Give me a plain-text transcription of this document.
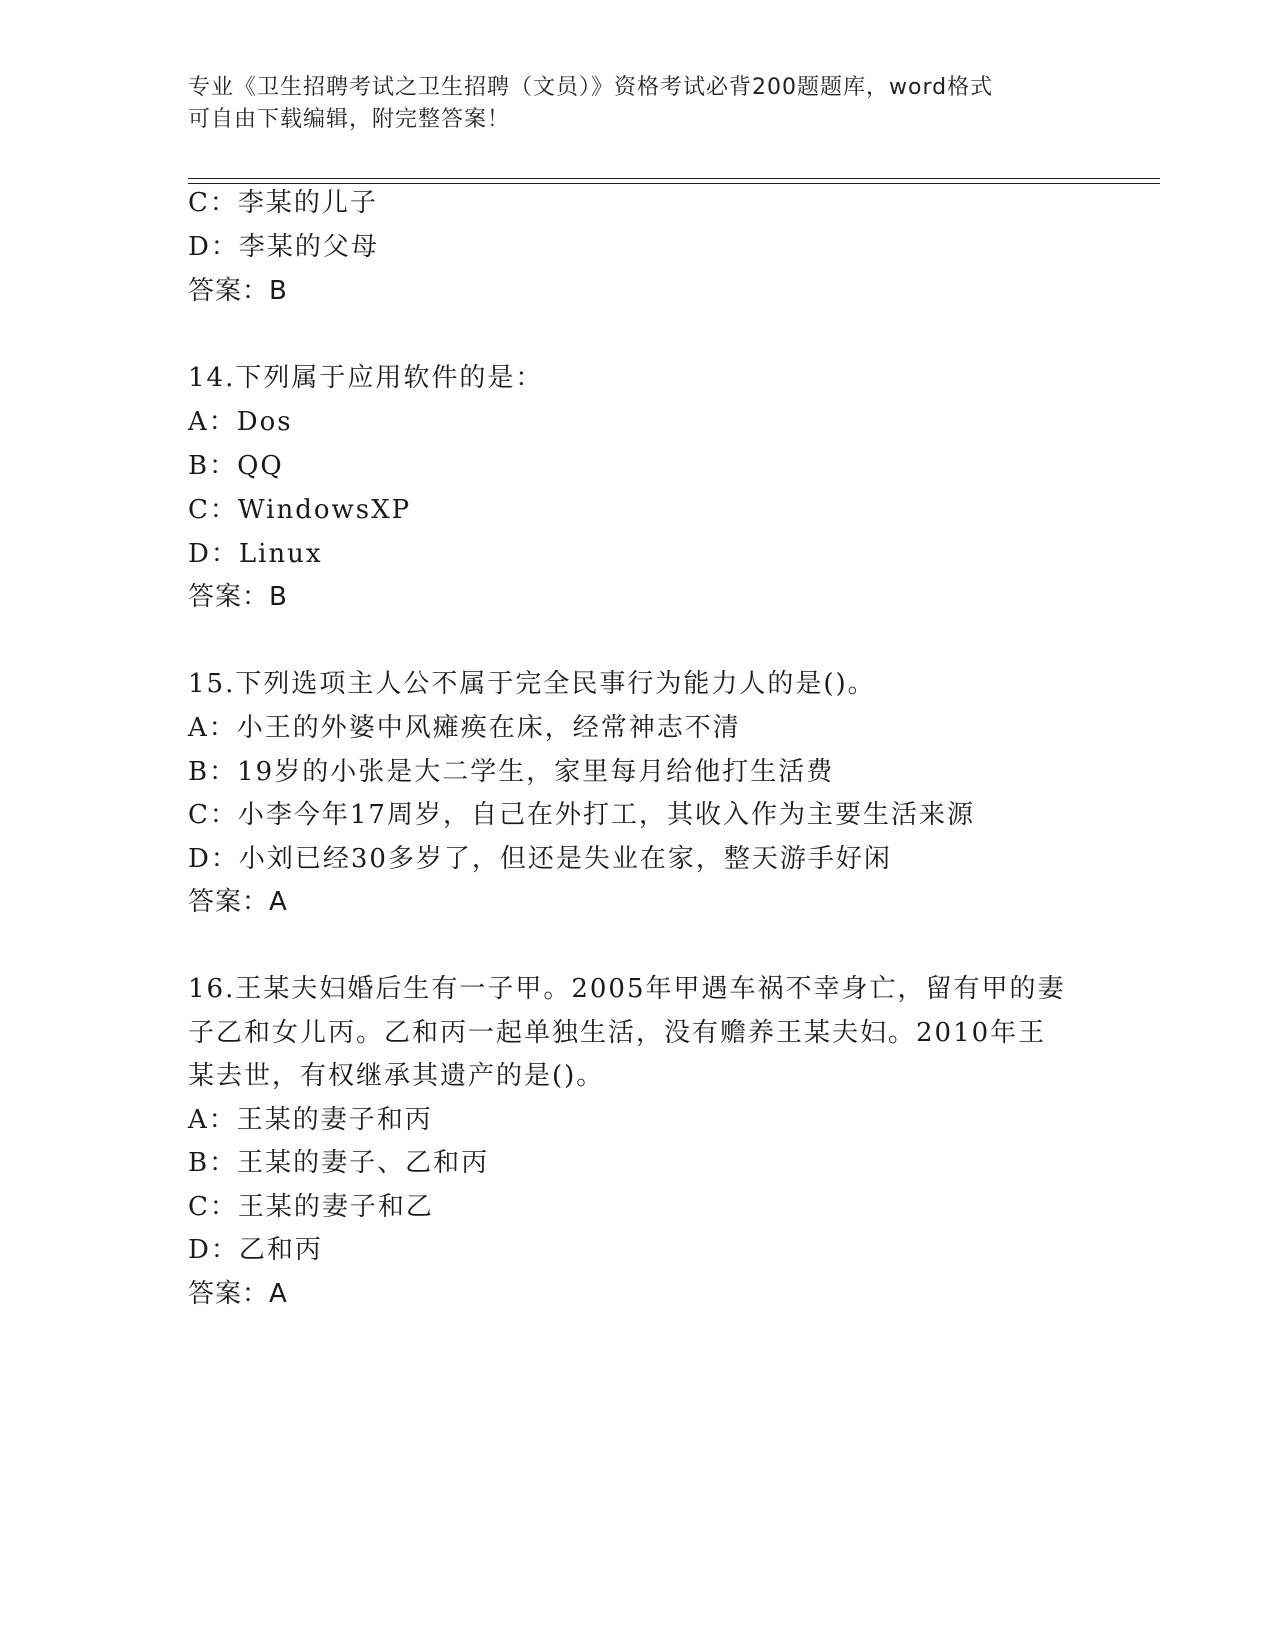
专业《卫生招聘考试之卫生招聘（文员）》资格考试必背200题题库，word格式
可自由下载编辑，附完整答案！
C：李某的儿子
D：李某的父母
答案：B
14.下列属于应用软件的是：
A：Dos
B：QQ
C：WindowsXP
D：Linux
答案：B
15.下列选项主人公不属于完全民事行为能力人的是()。
A：小王的外婆中风瘫痪在床，经常神志不清
B：19岁的小张是大二学生，家里每月给他打生活费
C：小李今年17周岁，自己在外打工，其收入作为主要生活来源
D：小刘已经30多岁了，但还是失业在家，整天游手好闲
答案：A
16.王某夫妇婚后生有一子甲。2005年甲遇车祸不幸身亡，留有甲的妻
子乙和女儿丙。乙和丙一起单独生活，没有赡养王某夫妇。2010年王
某去世，有权继承其遗产的是()。
A：王某的妻子和丙
B：王某的妻子、乙和丙
C：王某的妻子和乙
D：乙和丙
答案：A
